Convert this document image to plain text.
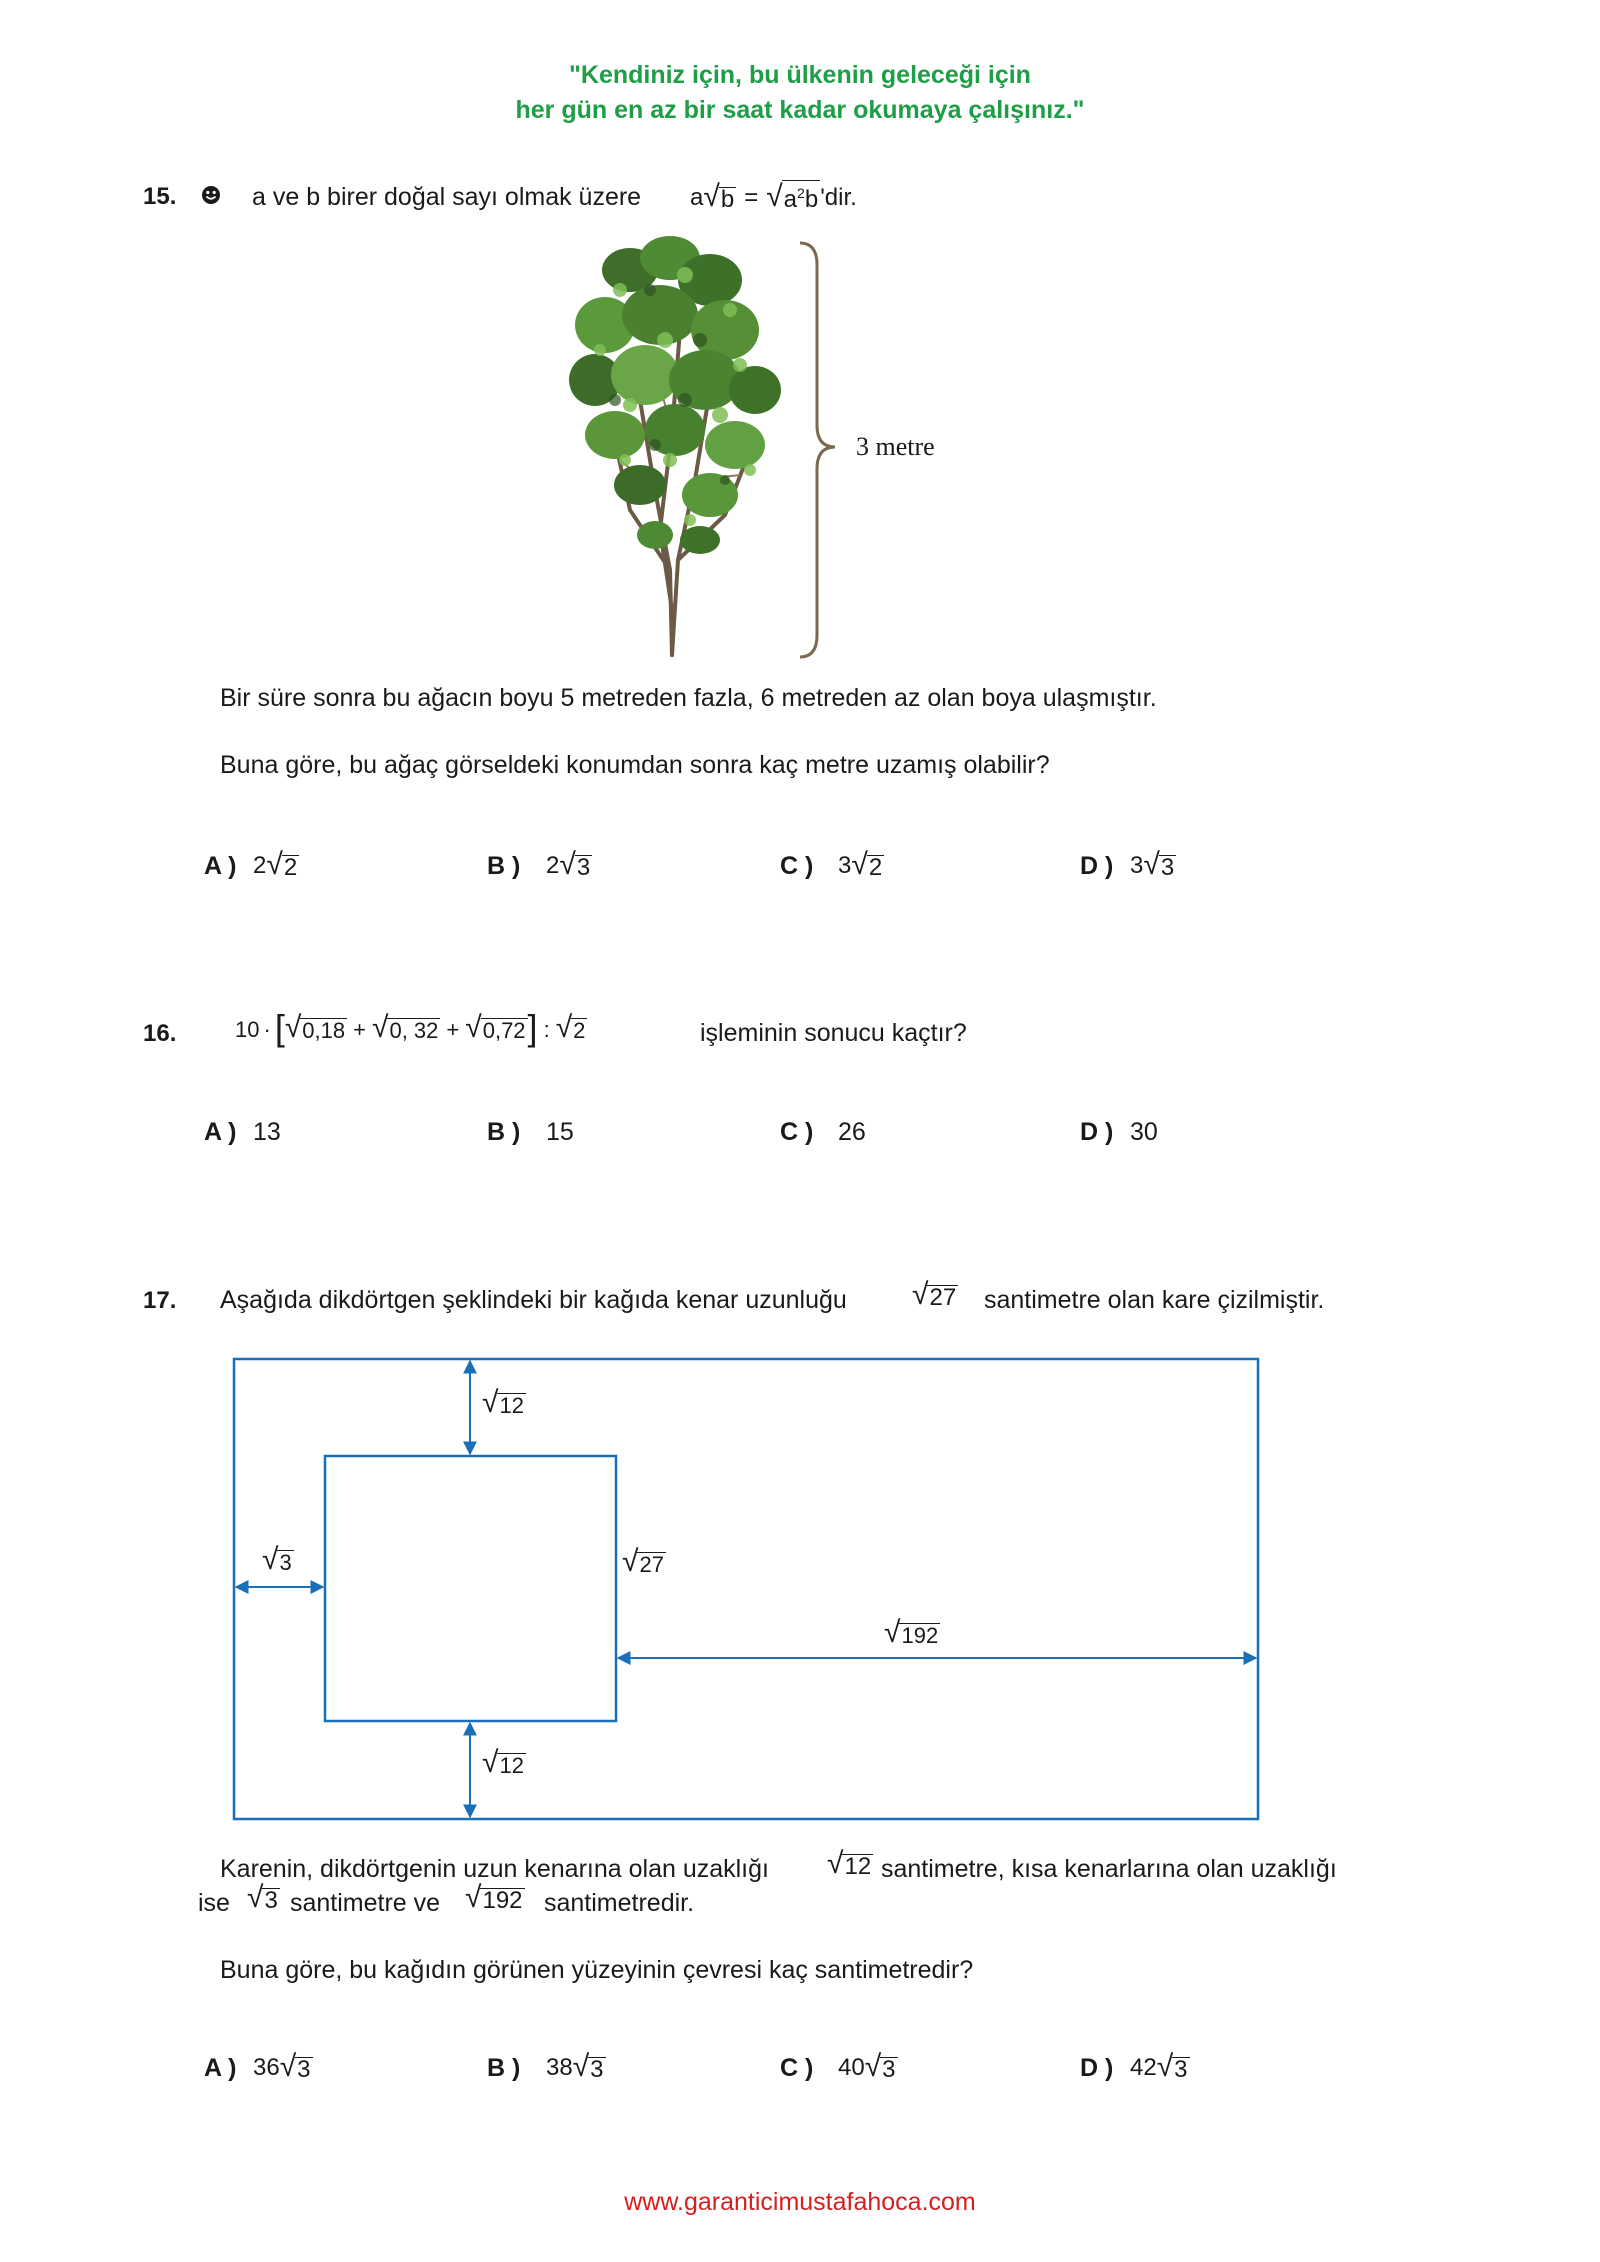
"Kendiniz için, bu ülkenin geleceği için
her gün en az bir saat kadar okumaya çalışınız."
15.	a ve b birer doğal sayı olmak üzere a √ b = √ $a^2b$ 'dir.
3 metre
Bir süre sonra bu ağacın boyu 5 metreden fazla, 6 metreden az olan boya ulaşmıştır.
Buna göre, bu ağaç görseldeki konumdan sonra kaç metre uzamış olabilir?
A ) 2 √ 2	B ) 2 √ 3	C ) 3 √ 2	D ) 3 √ 3
16.	10 · [ √ 0,18 + √ 0, 32 + √ 0,72 ] : √ 2	işleminin sonucu kaçtır?
A ) 13	B ) 15	C ) 26	D ) 30
17. Aşağıda dikdörtgen şeklindeki bir kağıda kenar uzunluğu √ 27 santimetre olan kare çizilmiştir.
√ 12
√ 12
√ 3	√ 27
√ 192
Karenin, dikdörtgenin uzun kenarına olan uzaklığı √ 12 santimetre, kısa kenarlarına olan uzaklığı
ise √ 3 santimetre ve √ 192 santimetredir.
Buna göre, bu kağıdın görünen yüzeyinin çevresi kaç santimetredir?
A ) 36 √ 3	B ) 38 √ 3	C ) 40 √ 3	D ) 42 √ 3
www.garanticimustafahoca.com
